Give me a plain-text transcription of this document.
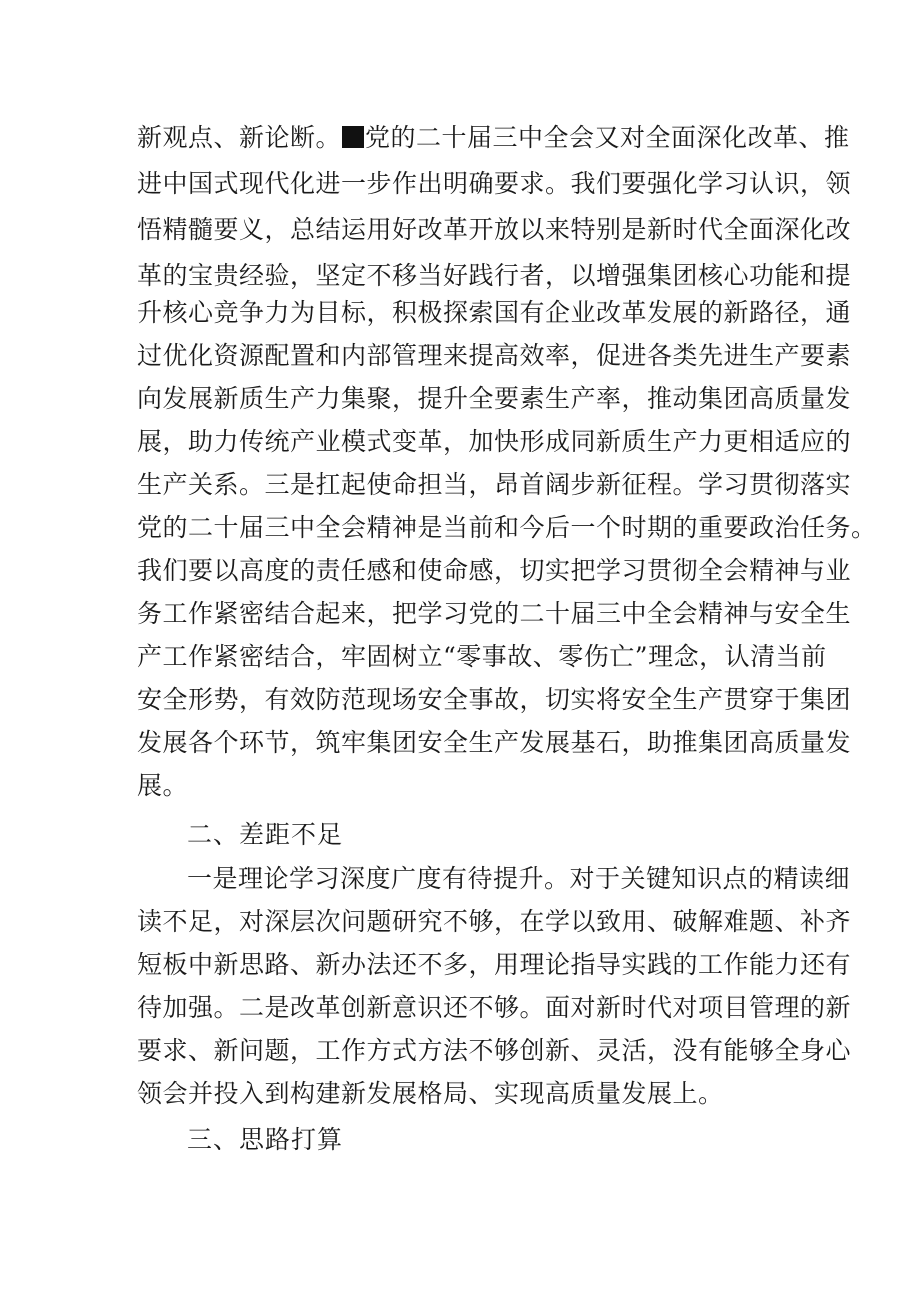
新观点、新论断。 党的二十届三中全会又对全面深化改革、推
进中国式现代化进一步作出明确要求。我们要强化学习认识，领
悟精髓要义，总结运用好改革开放以来特别是新时代全面深化改
革的宝贵经验，坚定不移当好践行者，以增强集团核心功能和提
升核心竞争力为目标，积极探索国有企业改革发展的新路径，通
过优化资源配置和内部管理来提高效率，促进各类先进生产要素
向发展新质生产力集聚，提升全要素生产率，推动集团高质量发
展，助力传统产业模式变革，加快形成同新质生产力更相适应的
生产关系。三是扛起使命担当，昂首阔步新征程。学习贯彻落实
党的二十届三中全会精神是当前和今后一个时期的重要政治任务。
我们要以高度的责任感和使命感，切实把学习贯彻全会精神与业
务工作紧密结合起来，把学习党的二十届三中全会精神与安全生
产工作紧密结合，牢固树立“零事故、零伤亡”理念，认清当前
安全形势，有效防范现场安全事故，切实将安全生产贯穿于集团
发展各个环节，筑牢集团安全生产发展基石，助推集团高质量发
展。
二、差距不足
一是理论学习深度广度有待提升。对于关键知识点的精读细
读不足，对深层次问题研究不够，在学以致用、破解难题、补齐
短板中新思路、新办法还不多，用理论指导实践的工作能力还有
待加强。二是改革创新意识还不够。面对新时代对项目管理的新
要求、新问题，工作方式方法不够创新、灵活，没有能够全身心
领会并投入到构建新发展格局、实现高质量发展上。
三、思路打算
